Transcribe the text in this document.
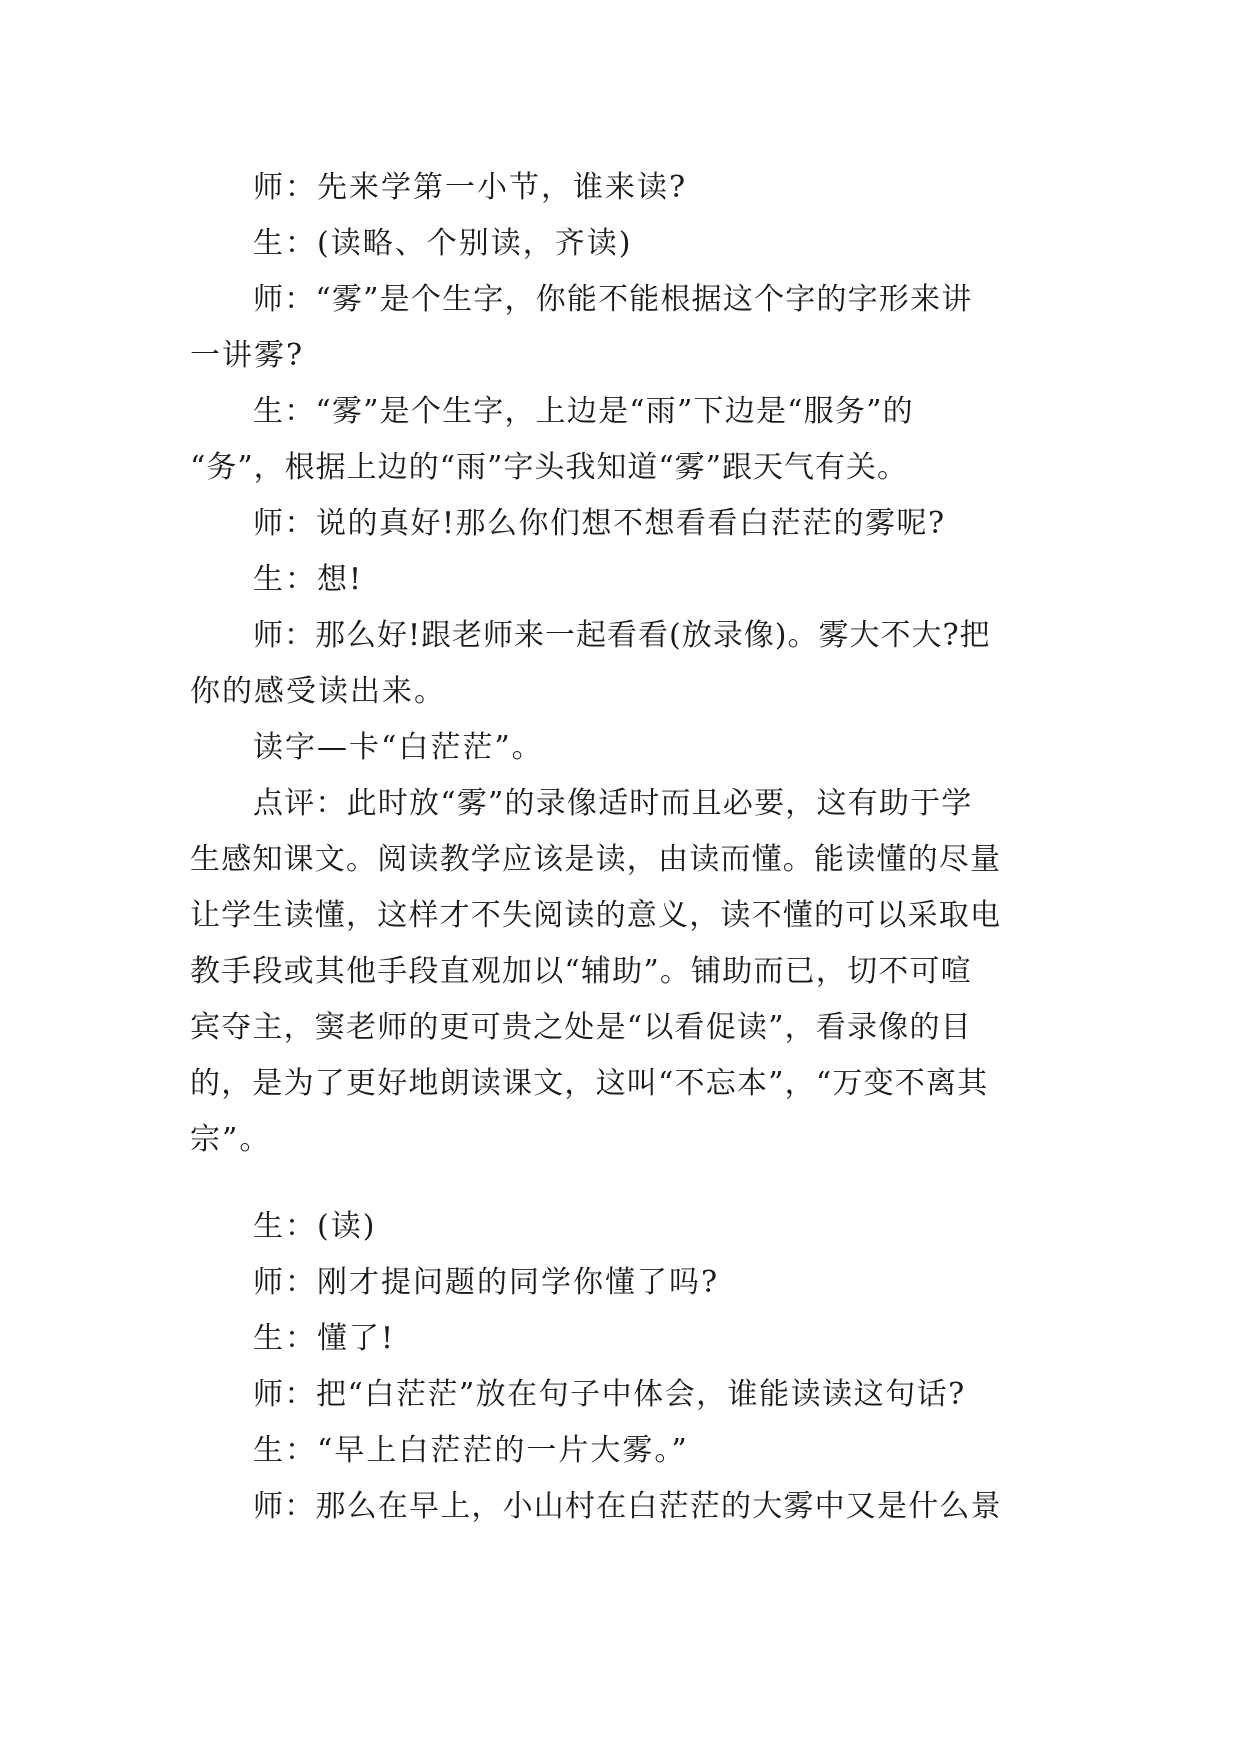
师：先来学第一小节，谁来读?

生：(读略、个别读，齐读)

师：“雾”是个生字，你能不能根据这个字的字形来讲

一讲雾?

生：“雾”是个生字，上边是“雨”下边是“服务”的

“务”，根据上边的“雨”字头我知道“雾”跟天气有关。

师：说的真好!那么你们想不想看看白茫茫的雾呢?

生：想!

师：那么好!跟老师来一起看看(放录像)。雾大不大?把

你的感受读出来。

读字—卡“白茫茫”。

点评：此时放“雾”的录像适时而且必要，这有助于学

生感知课文。阅读教学应该是读，由读而懂。能读懂的尽量

让学生读懂，这样才不失阅读的意义，读不懂的可以采取电

教手段或其他手段直观加以“辅助”。铺助而已，切不可喧

宾夺主，窦老师的更可贵之处是“以看促读”，看录像的目

的，是为了更好地朗读课文，这叫“不忘本”，“万变不离其

宗”。

生：(读)

师：刚才提问题的同学你懂了吗?

生：懂了!

师：把“白茫茫”放在句子中体会，谁能读读这句话?

生：“早上白茫茫的一片大雾。”

师：那么在早上，小山村在白茫茫的大雾中又是什么景
